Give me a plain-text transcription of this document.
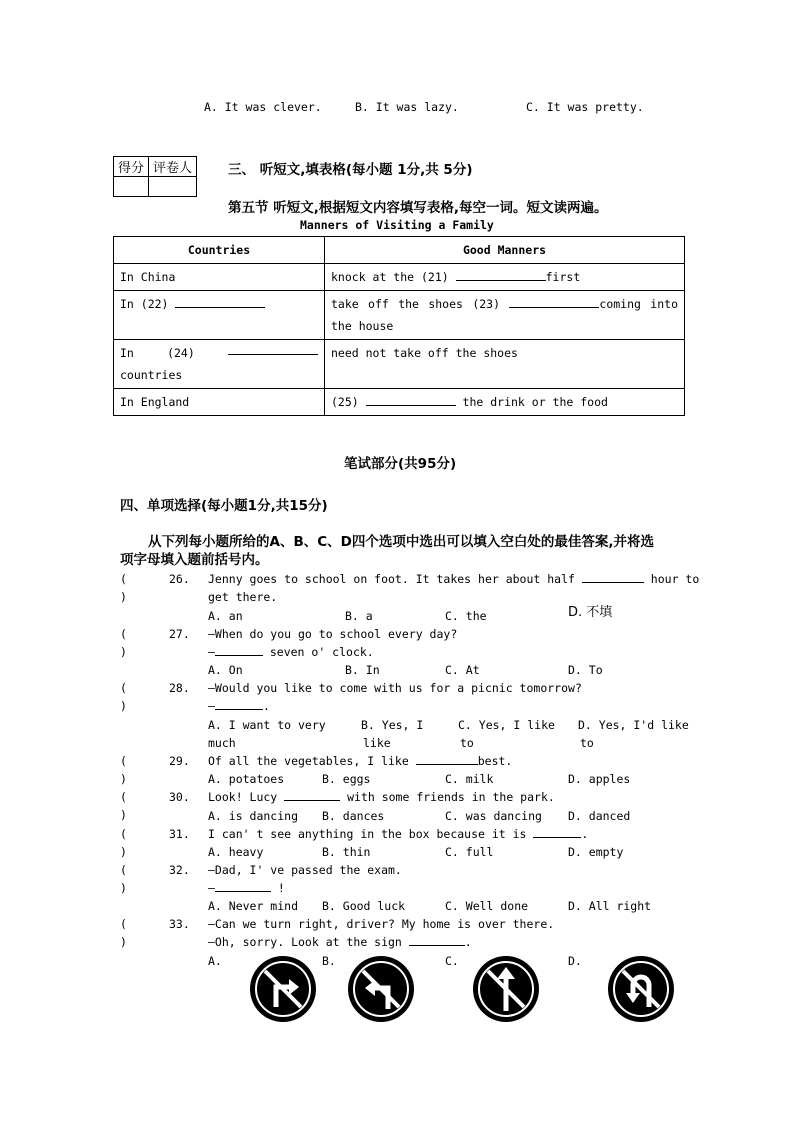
A. It was clever.	B. It was lazy.	C. It was pretty.
得分	评卷人
		三、 听短文,填表格(每小题 1分,共 5分)
第五节 听短文,根据短文内容填写表格,每空一词。短文读两遍。
Manners of Visiting a Family
Countries	Good Manners
In China	knock at the (21) first
In (22)	take off the shoes (23) coming into the house

In (24)
countries	need not take off the shoes
In England	(25) the drink or the food
笔试部分(共95分)
四、单项选择(每小题1分,共15分)
从下列每小题所给的A、B、C、D四个选项中选出可以填入空白处的最佳答案,并将选
项字母填入题前括号内。
( )
26. Jenny goes to school on foot. It takes her about half	hour to
get there.
A. an	B. a	C. the	D. 不填
( )
27. —When do you go to school every day?
—	seven o' clock.
A. On	B. In	C. At	D. To
( )
28. —Would you like to come with us for a picnic tomorrow?
—	.
A. I want to very	B. Yes, I	C. Yes, I like D. Yes, I'd like
much	like	to	to
( )
29. Of all the vegetables, I like	best.
A. potatoes	B. eggs	C. milk	D. apples
( )
30. Look! Lucy	with some friends in the park.
A. is dancing B. dances	C. was dancing D. danced
( )
31. I can' t see anything in the box because it is	.
A. heavy	B. thin	C. full	D. empty
( )
32. —Dad, I' ve passed the exam.
—	!
A. Never mind B. Good luck	C. Well done	D. All right
( )
33. —Can we turn right, driver? My home is over there.
—Oh, sorry. Look at the sign	.
A.	B.	C.	D.
